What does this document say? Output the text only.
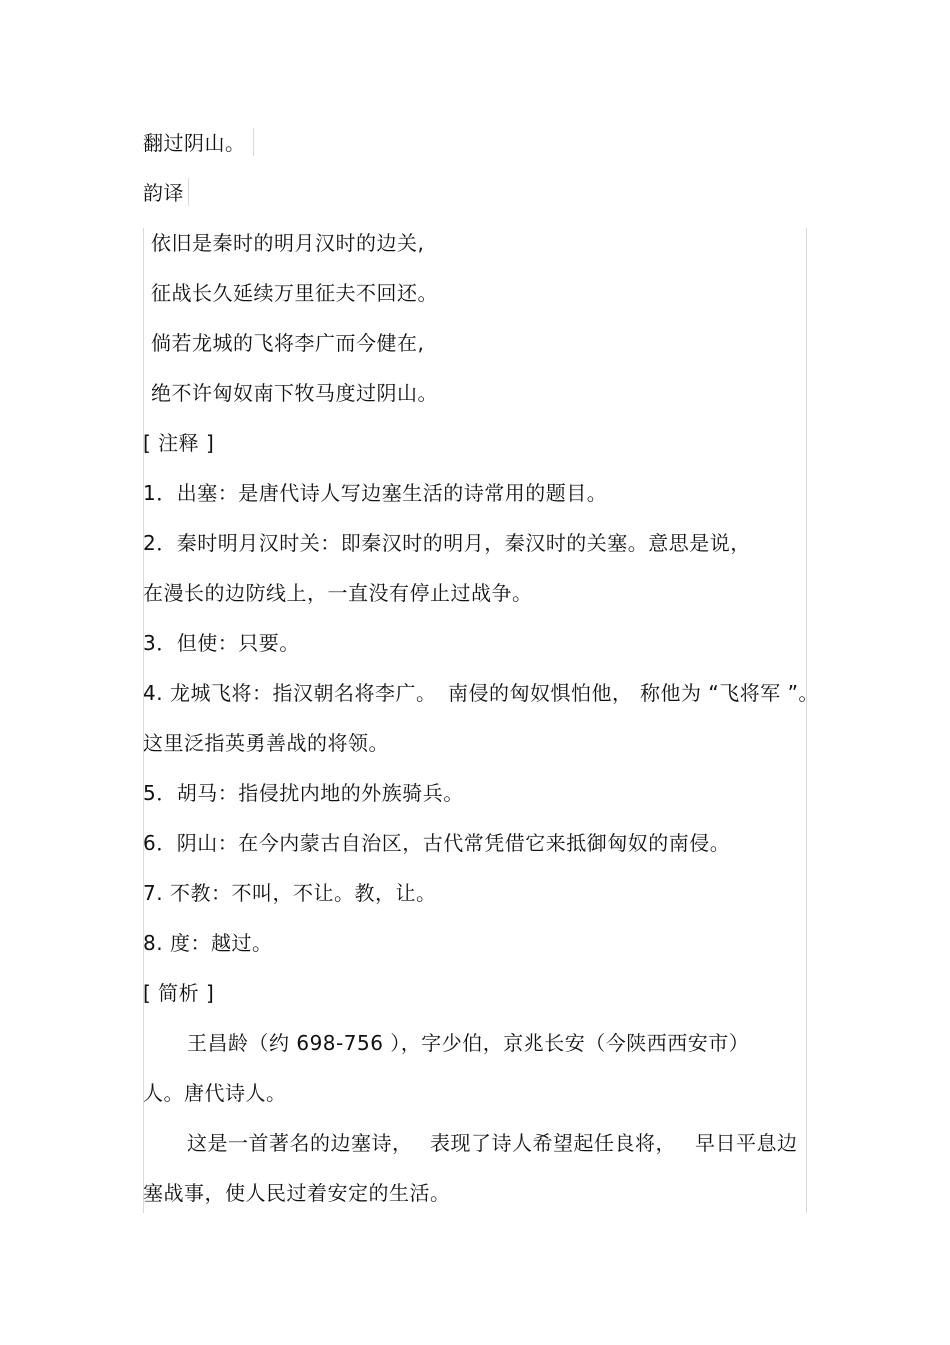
翻过阴山。
韵译
依旧是秦时的明月汉时的边关,
征战长久延续万里征夫不回还。
倘若龙城的飞将李广而今健在,
绝不许匈奴南下牧马度过阴山。
[ 注释 ]
1．出塞：是唐代诗人写边塞生活的诗常用的题目。
2．秦时明月汉时关：即秦汉时的明月，秦汉时的关塞。意思是说，
在漫长的边防线上，一直没有停止过战争。
3．但使：只要。
4. 龙城飞将：指汉朝名将李广。 南侵的匈奴惧怕他， 称他为 “飞将军 ”。
这里泛指英勇善战的将领。
5．胡马：指侵扰内地的外族骑兵。
6．阴山：在今内蒙古自治区，古代常凭借它来抵御匈奴的南侵。
7. 不教：不叫，不让。教，让。
8. 度：越过。
[ 简析 ]
王昌龄（约 698-756 ），字少伯，京兆长安（今陕西西安市）
人。唐代诗人。
这是一首著名的边塞诗， 表现了诗人希望起任良将， 早日平息边
塞战事，使人民过着安定的生活。
